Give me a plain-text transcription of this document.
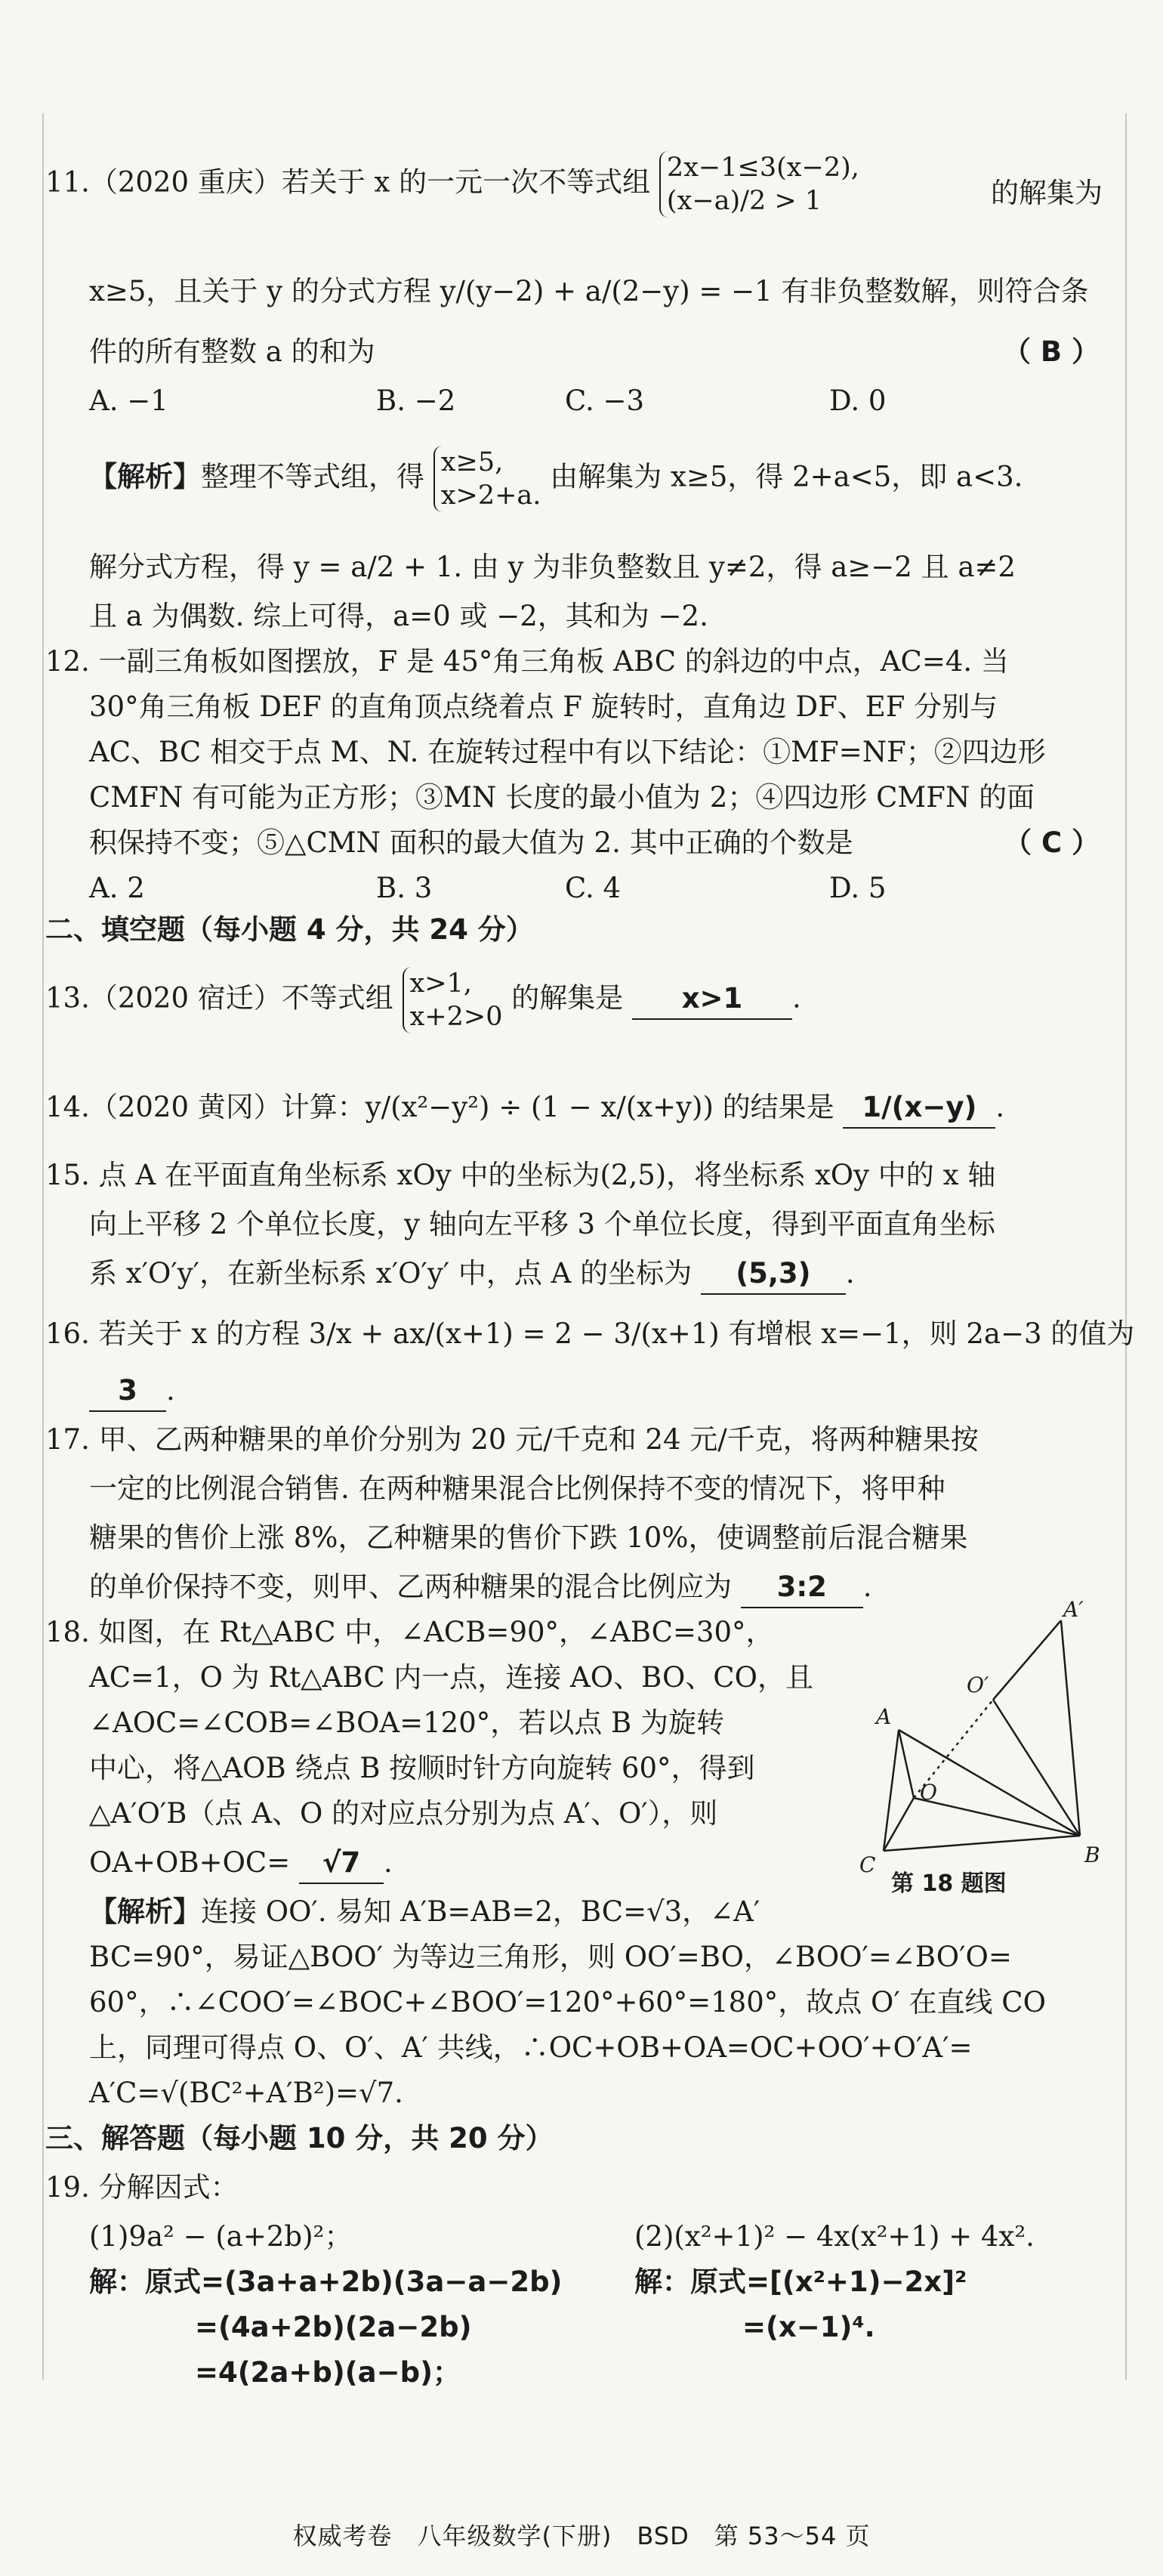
11.（2020 重庆）若关于 x 的一元一次不等式组 2x−1≤3(x−2),
(x−a)/2 > 1	的解集为
x≥5，且关于 y 的分式方程 y/(y−2) + a/(2−y) = −1 有非负整数解，则符合条
件的所有整数 a 的和为	（ B ）
A. −1	B. −2	C. −3	D. 0
【解析】整理不等式组，得 x≥5,
x>2+a. 由解集为 x≥5，得 2+a<5，即 a<3.
解分式方程，得 y = a/2 + 1. 由 y 为非负整数且 y≠2，得 a≥−2 且 a≠2
且 a 为偶数. 综上可得，a=0 或 −2，其和为 −2.
12. 一副三角板如图摆放，F 是 45°角三角板 ABC 的斜边的中点，AC=4. 当
30°角三角板 DEF 的直角顶点绕着点 F 旋转时，直角边 DF、EF 分别与
AC、BC 相交于点 M、N. 在旋转过程中有以下结论：①MF=NF；②四边形
CMFN 有可能为正方形；③MN 长度的最小值为 2；④四边形 CMFN 的面
积保持不变；⑤△CMN 面积的最大值为 2. 其中正确的个数是	（ C ）
A. 2	B. 3	C. 4	D. 5
二、填空题（每小题 4 分，共 24 分）
13.（2020 宿迁）不等式组 x>1,
x+2>0 的解集是 x>1 .
14.（2020 黄冈）计算：y/(x²−y²) ÷ (1 − x/(x+y)) 的结果是 1/(x−y) .
15. 点 A 在平面直角坐标系 xOy 中的坐标为(2,5)，将坐标系 xOy 中的 x 轴
向上平移 2 个单位长度，y 轴向左平移 3 个单位长度，得到平面直角坐标
系 x′O′y′，在新坐标系 x′O′y′ 中，点 A 的坐标为 (5,3) .
16. 若关于 x 的方程 3/x + ax/(x+1) = 2 − 3/(x+1) 有增根 x=−1，则 2a−3 的值为
3 .
17. 甲、乙两种糖果的单价分别为 20 元/千克和 24 元/千克，将两种糖果按
一定的比例混合销售. 在两种糖果混合比例保持不变的情况下，将甲种
糖果的售价上涨 8%，乙种糖果的售价下跌 10%，使调整前后混合糖果
的单价保持不变，则甲、乙两种糖果的混合比例应为 3:2 .
18. 如图，在 Rt△ABC 中，∠ACB=90°，∠ABC=30°，
AC=1，O 为 Rt△ABC 内一点，连接 AO、BO、CO，且
∠AOC=∠COB=∠BOA=120°，若以点 B 为旋转
中心，将△AOB 绕点 B 按顺时针方向旋转 60°，得到
△A′O′B（点 A、O 的对应点分别为点 A′、O′），则
OA+OB+OC= √7 .
【解析】连接 OO′. 易知 A′B=AB=2，BC=√3，∠A′
BC=90°，易证△BOO′ 为等边三角形，则 OO′=BO，∠BOO′=∠BO′O=
60°，∴∠COO′=∠BOC+∠BOO′=120°+60°=180°，故点 O′ 在直线 CO
上，同理可得点 O、O′、A′ 共线，∴OC+OB+OA=OC+OO′+O′A′=
A′C=√(BC²+A′B²)=√7.
A
C	B
O
O′
A′
第 18 题图
三、解答题（每小题 10 分，共 20 分）
19. 分解因式：
(1)9a² − (a+2b)²；	(2)(x²+1)² − 4x(x²+1) + 4x².
解：原式=(3a+a+2b)(3a−a−2b)	解：原式=[(x²+1)−2x]²
=(4a+2b)(2a−2b)	=(x−1)⁴.
=4(2a+b)(a−b)；
权威考卷　八年级数学(下册)　BSD　第 53～54 页
